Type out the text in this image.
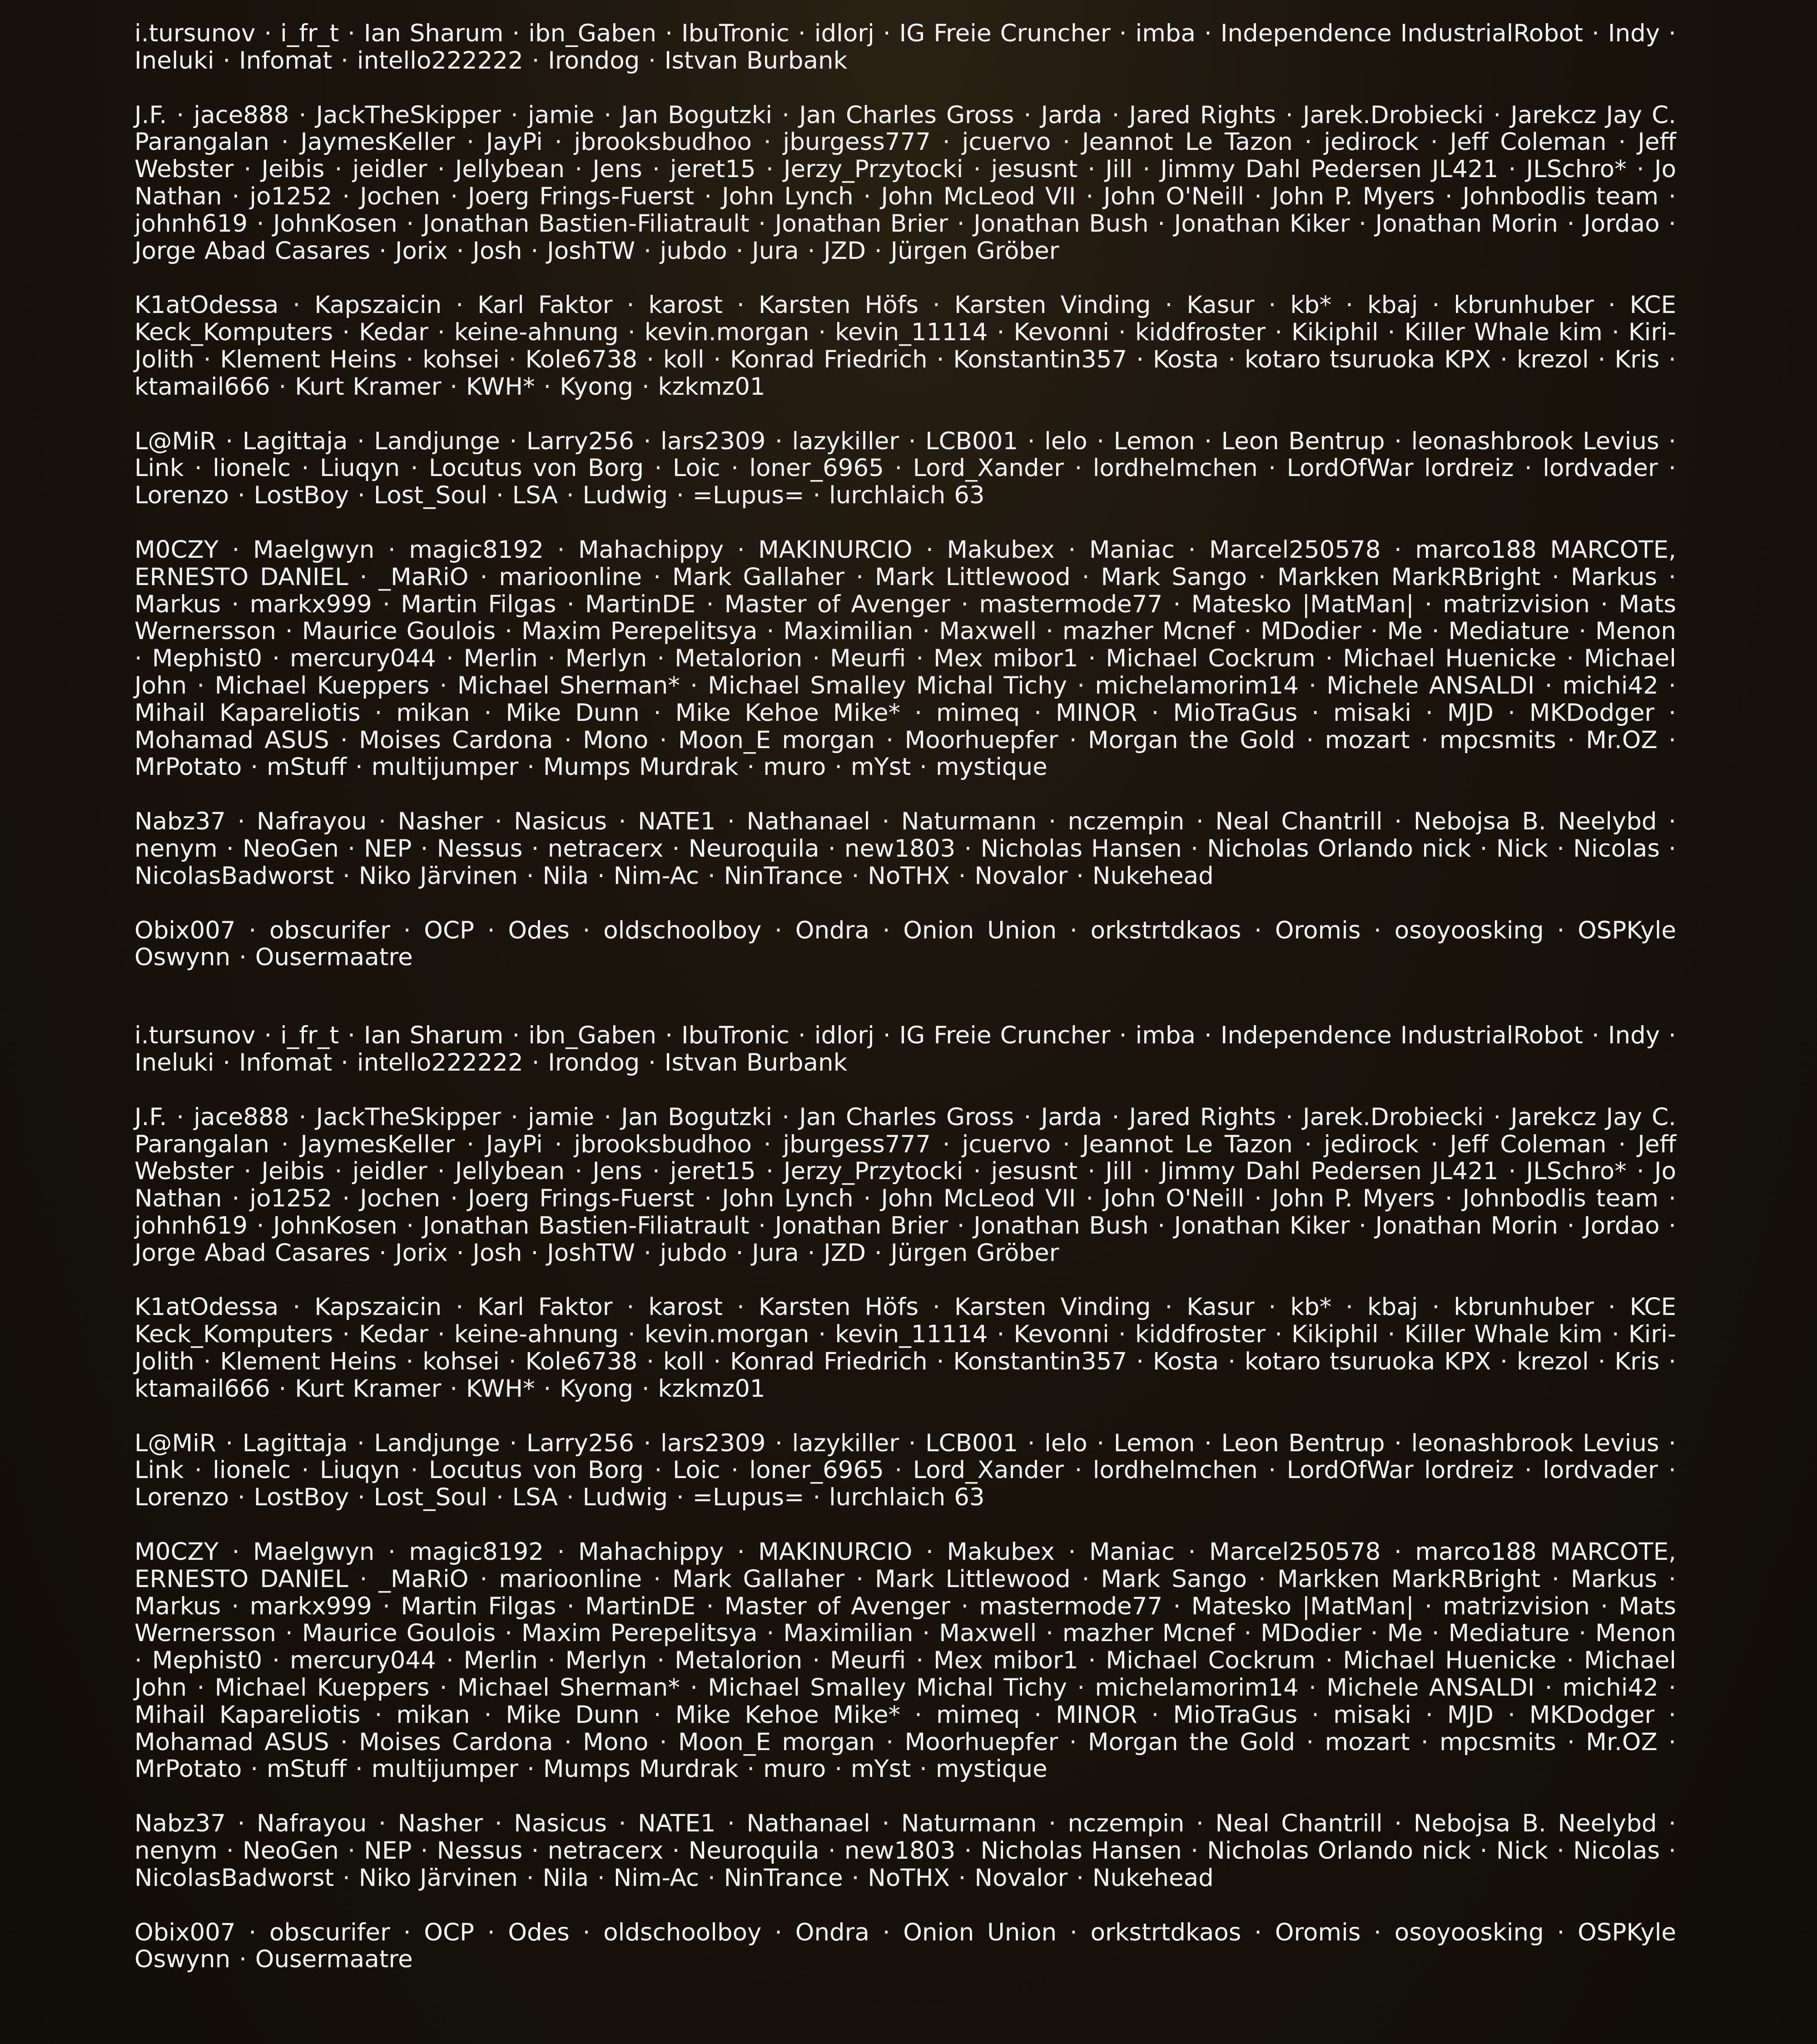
i.tursunov · i_fr_t · Ian Sharum · ibn_Gaben · IbuTronic · idlorj · IG Freie Cruncher · imba · Independence IndustrialRobot · Indy · Ineluki · Infomat · intello222222 · Irondog · Istvan Burbank

J.F. · jace888 · JackTheSkipper · jamie · Jan Bogutzki · Jan Charles Gross · Jarda · Jared Rights · Jarek.Drobiecki · Jarekcz Jay C. Parangalan · JaymesKeller · JayPi · jbrooksbudhoo · jburgess777 · jcuervo · Jeannot Le Tazon · jedirock · Jeff Coleman · Jeff Webster · Jeibis · jeidler · Jellybean · Jens · jeret15 · Jerzy_Przytocki · jesusnt · Jill · Jimmy Dahl Pedersen JL421 · JLSchro* · Jo Nathan · jo1252 · Jochen · Joerg Frings-Fuerst · John Lynch · John McLeod VII · John O'Neill · John P. Myers · Johnbodlis team · johnh619 · JohnKosen · Jonathan Bastien-Filiatrault · Jonathan Brier · Jonathan Bush · Jonathan Kiker · Jonathan Morin · Jordao · Jorge Abad Casares · Jorix · Josh · JoshTW · jubdo · Jura · JZD · Jürgen Gröber

K1atOdessa · Kapszaicin · Karl Faktor · karost · Karsten Höfs · Karsten Vinding · Kasur · kb* · kbaj · kbrunhuber · KCE Keck_Komputers · Kedar · keine-ahnung · kevin.morgan · kevin_11114 · Kevonni · kiddfroster · Kikiphil · Killer Whale kim · Kiri-Jolith · Klement Heins · kohsei · Kole6738 · koll · Konrad Friedrich · Konstantin357 · Kosta · kotaro tsuruoka KPX · krezol · Kris · ktamail666 · Kurt Kramer · KWH* · Kyong · kzkmz01

L@MiR · Lagittaja · Landjunge · Larry256 · lars2309 · lazykiller · LCB001 · lelo · Lemon · Leon Bentrup · leonashbrook Levius · Link · lionelc · Liuqyn · Locutus von Borg · Loic · loner_6965 · Lord_Xander · lordhelmchen · LordOfWar lordreiz · lordvader · Lorenzo · LostBoy · Lost_Soul · LSA · Ludwig · =Lupus= · lurchlaich 63

M0CZY · Maelgwyn · magic8192 · Mahachippy · MAKINURCIO · Makubex · Maniac · Marcel250578 · marco188 MARCOTE, ERNESTO DANIEL · _MaRiO · marioonline · Mark Gallaher · Mark Littlewood · Mark Sango · Markken MarkRBright · Markus · Markus · markx999 · Martin Filgas · MartinDE · Master of Avenger · mastermode77 · Matesko |MatMan| · matrizvision · Mats Wernersson · Maurice Goulois · Maxim Perepelitsya · Maximilian · Maxwell · mazher Mcnef · MDodier · Me · Mediature · Menon · Mephist0 · mercury044 · Merlin · Merlyn · Metalorion · Meurfi · Mex mibor1 · Michael Cockrum · Michael Huenicke · Michael John · Michael Kueppers · Michael Sherman* · Michael Smalley Michal Tichy · michelamorim14 · Michele ANSALDI · michi42 · Mihail Kapareliotis · mikan · Mike Dunn · Mike Kehoe Mike* · mimeq · MINOR · MioTraGus · misaki · MJD · MKDodger · Mohamad ASUS · Moises Cardona · Mono · Moon_E morgan · Moorhuepfer · Morgan the Gold · mozart · mpcsmits · Mr.OZ · MrPotato · mStuff · multijumper · Mumps Murdrak · muro · mYst · mystique

Nabz37 · Nafrayou · Nasher · Nasicus · NATE1 · Nathanael · Naturmann · nczempin · Neal Chantrill · Nebojsa B. Neelybd · nenym · NeoGen · NEP · Nessus · netracerx · Neuroquila · new1803 · Nicholas Hansen · Nicholas Orlando nick · Nick · Nicolas · NicolasBadworst · Niko Järvinen · Nila · Nim-Ac · NinTrance · NoTHX · Novalor · Nukehead

Obix007 · obscurifer · OCP · Odes · oldschoolboy · Ondra · Onion Union · orkstrtdkaos · Oromis · osoyoosking · OSPKyle Oswynn · Ousermaatre

i.tursunov · i_fr_t · Ian Sharum · ibn_Gaben · IbuTronic · idlorj · IG Freie Cruncher · imba · Independence IndustrialRobot · Indy · Ineluki · Infomat · intello222222 · Irondog · Istvan Burbank

J.F. · jace888 · JackTheSkipper · jamie · Jan Bogutzki · Jan Charles Gross · Jarda · Jared Rights · Jarek.Drobiecki · Jarekcz Jay C. Parangalan · JaymesKeller · JayPi · jbrooksbudhoo · jburgess777 · jcuervo · Jeannot Le Tazon · jedirock · Jeff Coleman · Jeff Webster · Jeibis · jeidler · Jellybean · Jens · jeret15 · Jerzy_Przytocki · jesusnt · Jill · Jimmy Dahl Pedersen JL421 · JLSchro* · Jo Nathan · jo1252 · Jochen · Joerg Frings-Fuerst · John Lynch · John McLeod VII · John O'Neill · John P. Myers · Johnbodlis team · johnh619 · JohnKosen · Jonathan Bastien-Filiatrault · Jonathan Brier · Jonathan Bush · Jonathan Kiker · Jonathan Morin · Jordao · Jorge Abad Casares · Jorix · Josh · JoshTW · jubdo · Jura · JZD · Jürgen Gröber

K1atOdessa · Kapszaicin · Karl Faktor · karost · Karsten Höfs · Karsten Vinding · Kasur · kb* · kbaj · kbrunhuber · KCE Keck_Komputers · Kedar · keine-ahnung · kevin.morgan · kevin_11114 · Kevonni · kiddfroster · Kikiphil · Killer Whale kim · Kiri-Jolith · Klement Heins · kohsei · Kole6738 · koll · Konrad Friedrich · Konstantin357 · Kosta · kotaro tsuruoka KPX · krezol · Kris · ktamail666 · Kurt Kramer · KWH* · Kyong · kzkmz01

L@MiR · Lagittaja · Landjunge · Larry256 · lars2309 · lazykiller · LCB001 · lelo · Lemon · Leon Bentrup · leonashbrook Levius · Link · lionelc · Liuqyn · Locutus von Borg · Loic · loner_6965 · Lord_Xander · lordhelmchen · LordOfWar lordreiz · lordvader · Lorenzo · LostBoy · Lost_Soul · LSA · Ludwig · =Lupus= · lurchlaich 63

M0CZY · Maelgwyn · magic8192 · Mahachippy · MAKINURCIO · Makubex · Maniac · Marcel250578 · marco188 MARCOTE, ERNESTO DANIEL · _MaRiO · marioonline · Mark Gallaher · Mark Littlewood · Mark Sango · Markken MarkRBright · Markus · Markus · markx999 · Martin Filgas · MartinDE · Master of Avenger · mastermode77 · Matesko |MatMan| · matrizvision · Mats Wernersson · Maurice Goulois · Maxim Perepelitsya · Maximilian · Maxwell · mazher Mcnef · MDodier · Me · Mediature · Menon · Mephist0 · mercury044 · Merlin · Merlyn · Metalorion · Meurfi · Mex mibor1 · Michael Cockrum · Michael Huenicke · Michael John · Michael Kueppers · Michael Sherman* · Michael Smalley Michal Tichy · michelamorim14 · Michele ANSALDI · michi42 · Mihail Kapareliotis · mikan · Mike Dunn · Mike Kehoe Mike* · mimeq · MINOR · MioTraGus · misaki · MJD · MKDodger · Mohamad ASUS · Moises Cardona · Mono · Moon_E morgan · Moorhuepfer · Morgan the Gold · mozart · mpcsmits · Mr.OZ · MrPotato · mStuff · multijumper · Mumps Murdrak · muro · mYst · mystique

Nabz37 · Nafrayou · Nasher · Nasicus · NATE1 · Nathanael · Naturmann · nczempin · Neal Chantrill · Nebojsa B. Neelybd · nenym · NeoGen · NEP · Nessus · netracerx · Neuroquila · new1803 · Nicholas Hansen · Nicholas Orlando nick · Nick · Nicolas · NicolasBadworst · Niko Järvinen · Nila · Nim-Ac · NinTrance · NoTHX · Novalor · Nukehead

Obix007 · obscurifer · OCP · Odes · oldschoolboy · Ondra · Onion Union · orkstrtdkaos · Oromis · osoyoosking · OSPKyle Oswynn · Ousermaatre
